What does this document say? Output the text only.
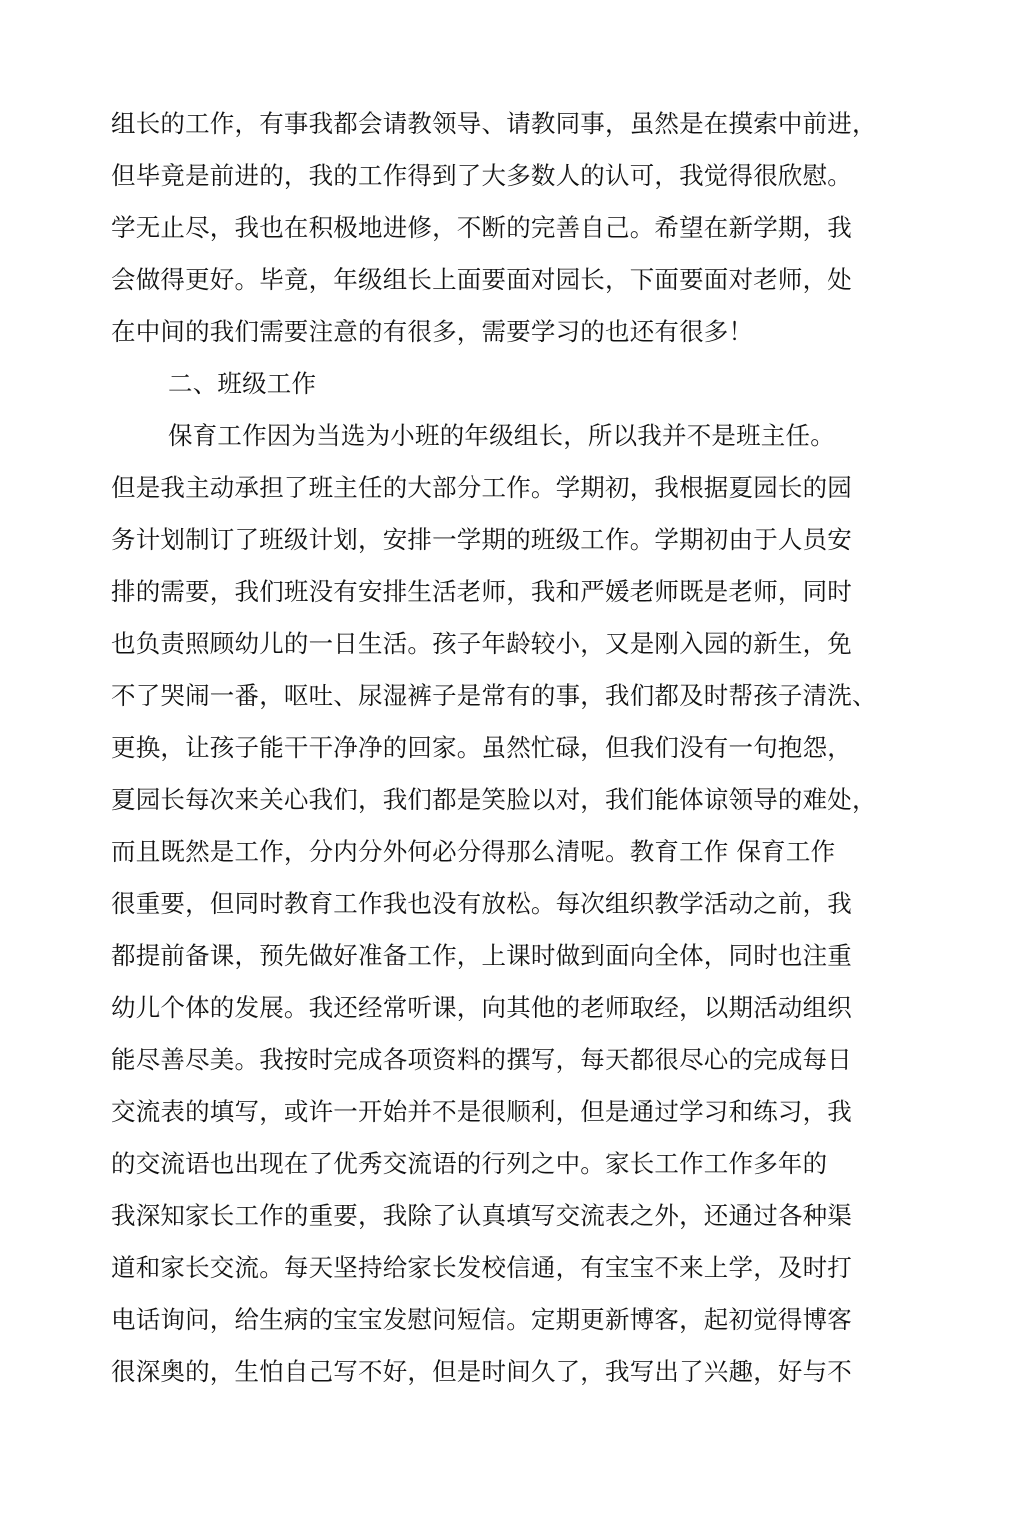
组长的工作，有事我都会请教领导、请教同事，虽然是在摸索中前进，
但毕竟是前进的，我的工作得到了大多数人的认可，我觉得很欣慰。
学无止尽，我也在积极地进修，不断的完善自己。希望在新学期，我
会做得更好。毕竟，年级组长上面要面对园长，下面要面对老师，处
在中间的我们需要注意的有很多，需要学习的也还有很多！
二、班级工作
保育工作因为当选为小班的年级组长，所以我并不是班主任。
但是我主动承担了班主任的大部分工作。学期初，我根据夏园长的园
务计划制订了班级计划，安排一学期的班级工作。学期初由于人员安
排的需要，我们班没有安排生活老师，我和严媛老师既是老师，同时
也负责照顾幼儿的一日生活。孩子年龄较小，又是刚入园的新生，免
不了哭闹一番，呕吐、尿湿裤子是常有的事，我们都及时帮孩子清洗、
更换，让孩子能干干净净的回家。虽然忙碌，但我们没有一句抱怨，
夏园长每次来关心我们，我们都是笑脸以对，我们能体谅领导的难处，
而且既然是工作，分内分外何必分得那么清呢。教育工作 保育工作
很重要，但同时教育工作我也没有放松。每次组织教学活动之前，我
都提前备课，预先做好准备工作，上课时做到面向全体，同时也注重
幼儿个体的发展。我还经常听课，向其他的老师取经，以期活动组织
能尽善尽美。我按时完成各项资料的撰写，每天都很尽心的完成每日
交流表的填写，或许一开始并不是很顺利，但是通过学习和练习，我
的交流语也出现在了优秀交流语的行列之中。家长工作工作多年的
我深知家长工作的重要，我除了认真填写交流表之外，还通过各种渠
道和家长交流。每天坚持给家长发校信通，有宝宝不来上学，及时打
电话询问，给生病的宝宝发慰问短信。定期更新博客，起初觉得博客
很深奥的，生怕自己写不好，但是时间久了，我写出了兴趣，好与不
